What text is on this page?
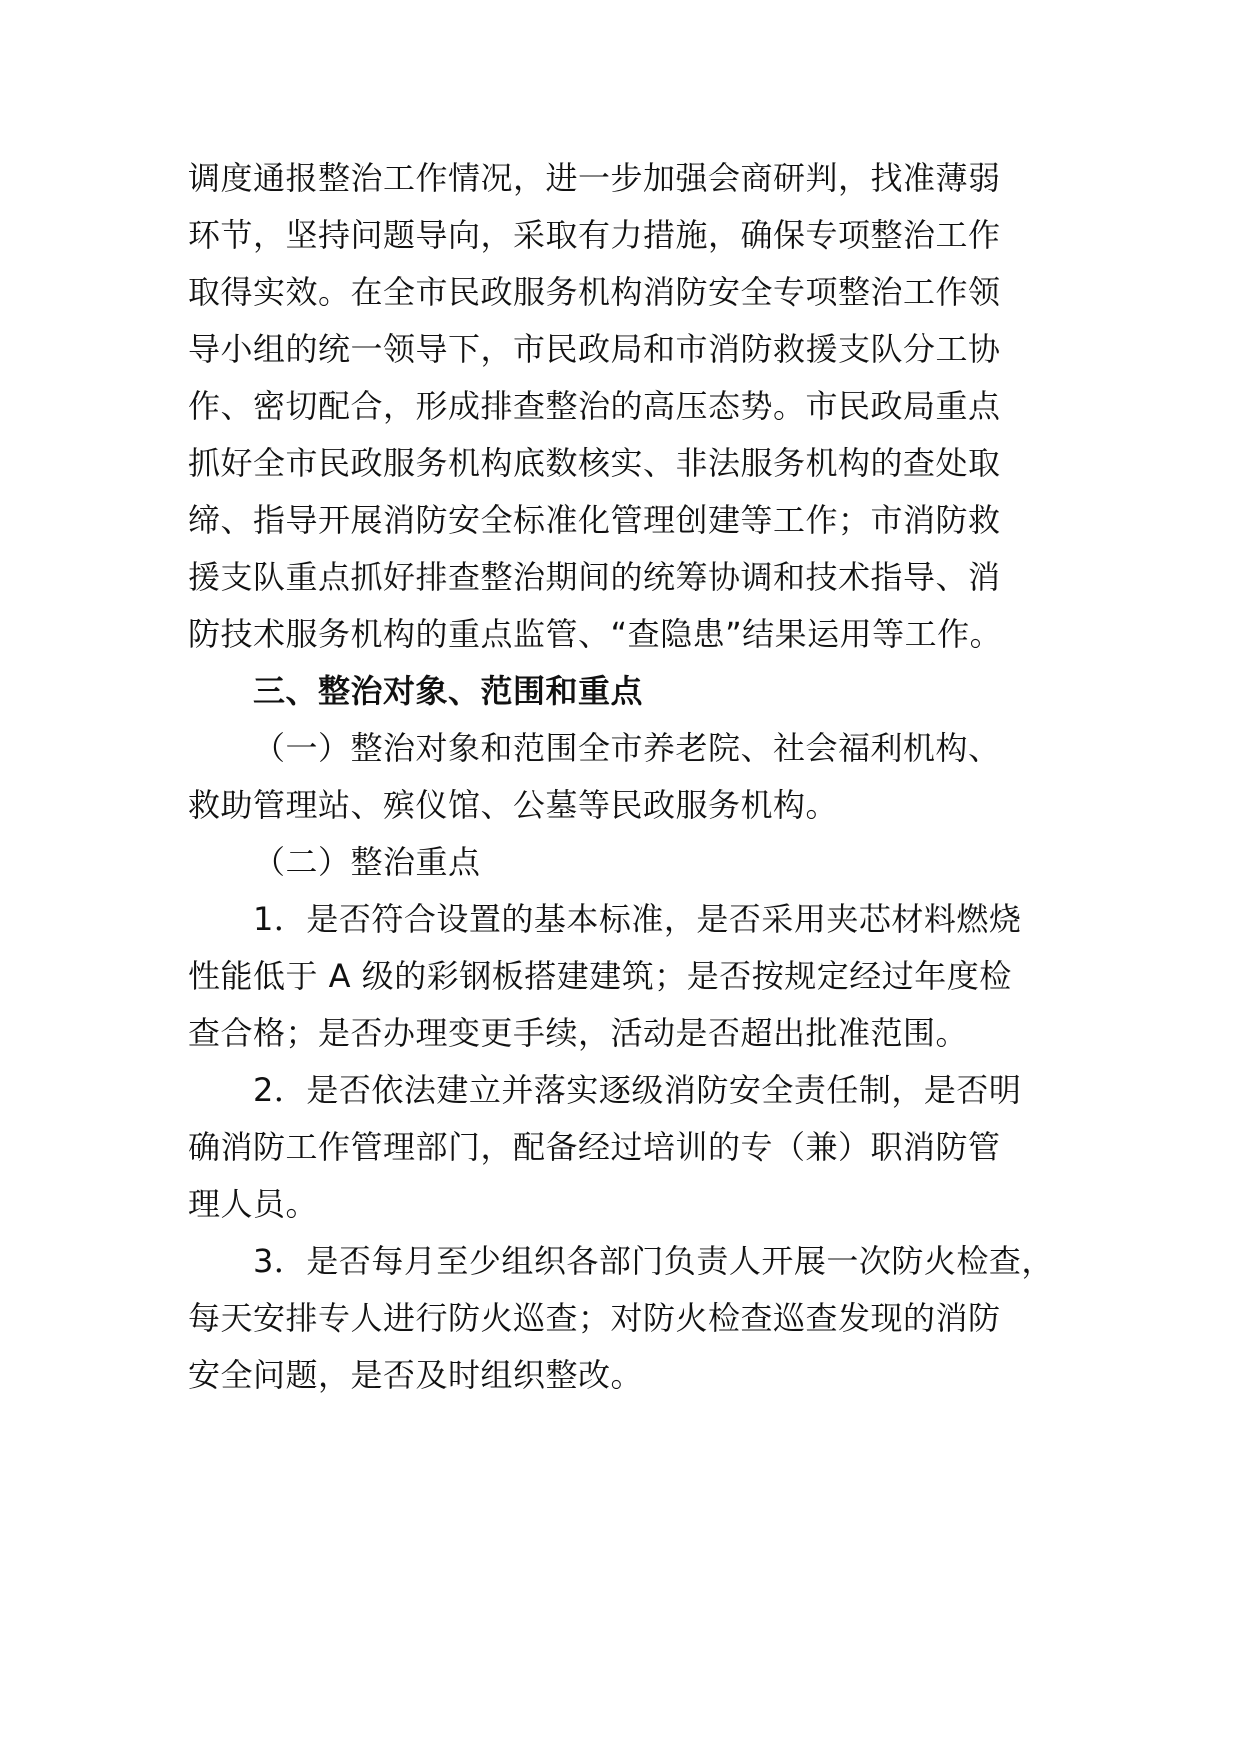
调度通报整治工作情况，进一步加强会商研判，找准薄弱
环节，坚持问题导向，采取有力措施，确保专项整治工作
取得实效。在全市民政服务机构消防安全专项整治工作领
导小组的统一领导下，市民政局和市消防救援支队分工协
作、密切配合，形成排查整治的高压态势。市民政局重点
抓好全市民政服务机构底数核实、非法服务机构的查处取
缔、指导开展消防安全标准化管理创建等工作；市消防救
援支队重点抓好排查整治期间的统筹协调和技术指导、消
防技术服务机构的重点监管、“查隐患”结果运用等工作。
三、整治对象、范围和重点
（一）整治对象和范围全市养老院、社会福利机构、
救助管理站、殡仪馆、公墓等民政服务机构。
（二）整治重点
1．是否符合设置的基本标准，是否采用夹芯材料燃烧
性能低于 A 级的彩钢板搭建建筑；是否按规定经过年度检
查合格；是否办理变更手续，活动是否超出批准范围。
2．是否依法建立并落实逐级消防安全责任制，是否明
确消防工作管理部门，配备经过培训的专（兼）职消防管
理人员。
3．是否每月至少组织各部门负责人开展一次防火检查，
每天安排专人进行防火巡查；对防火检查巡查发现的消防
安全问题，是否及时组织整改。
